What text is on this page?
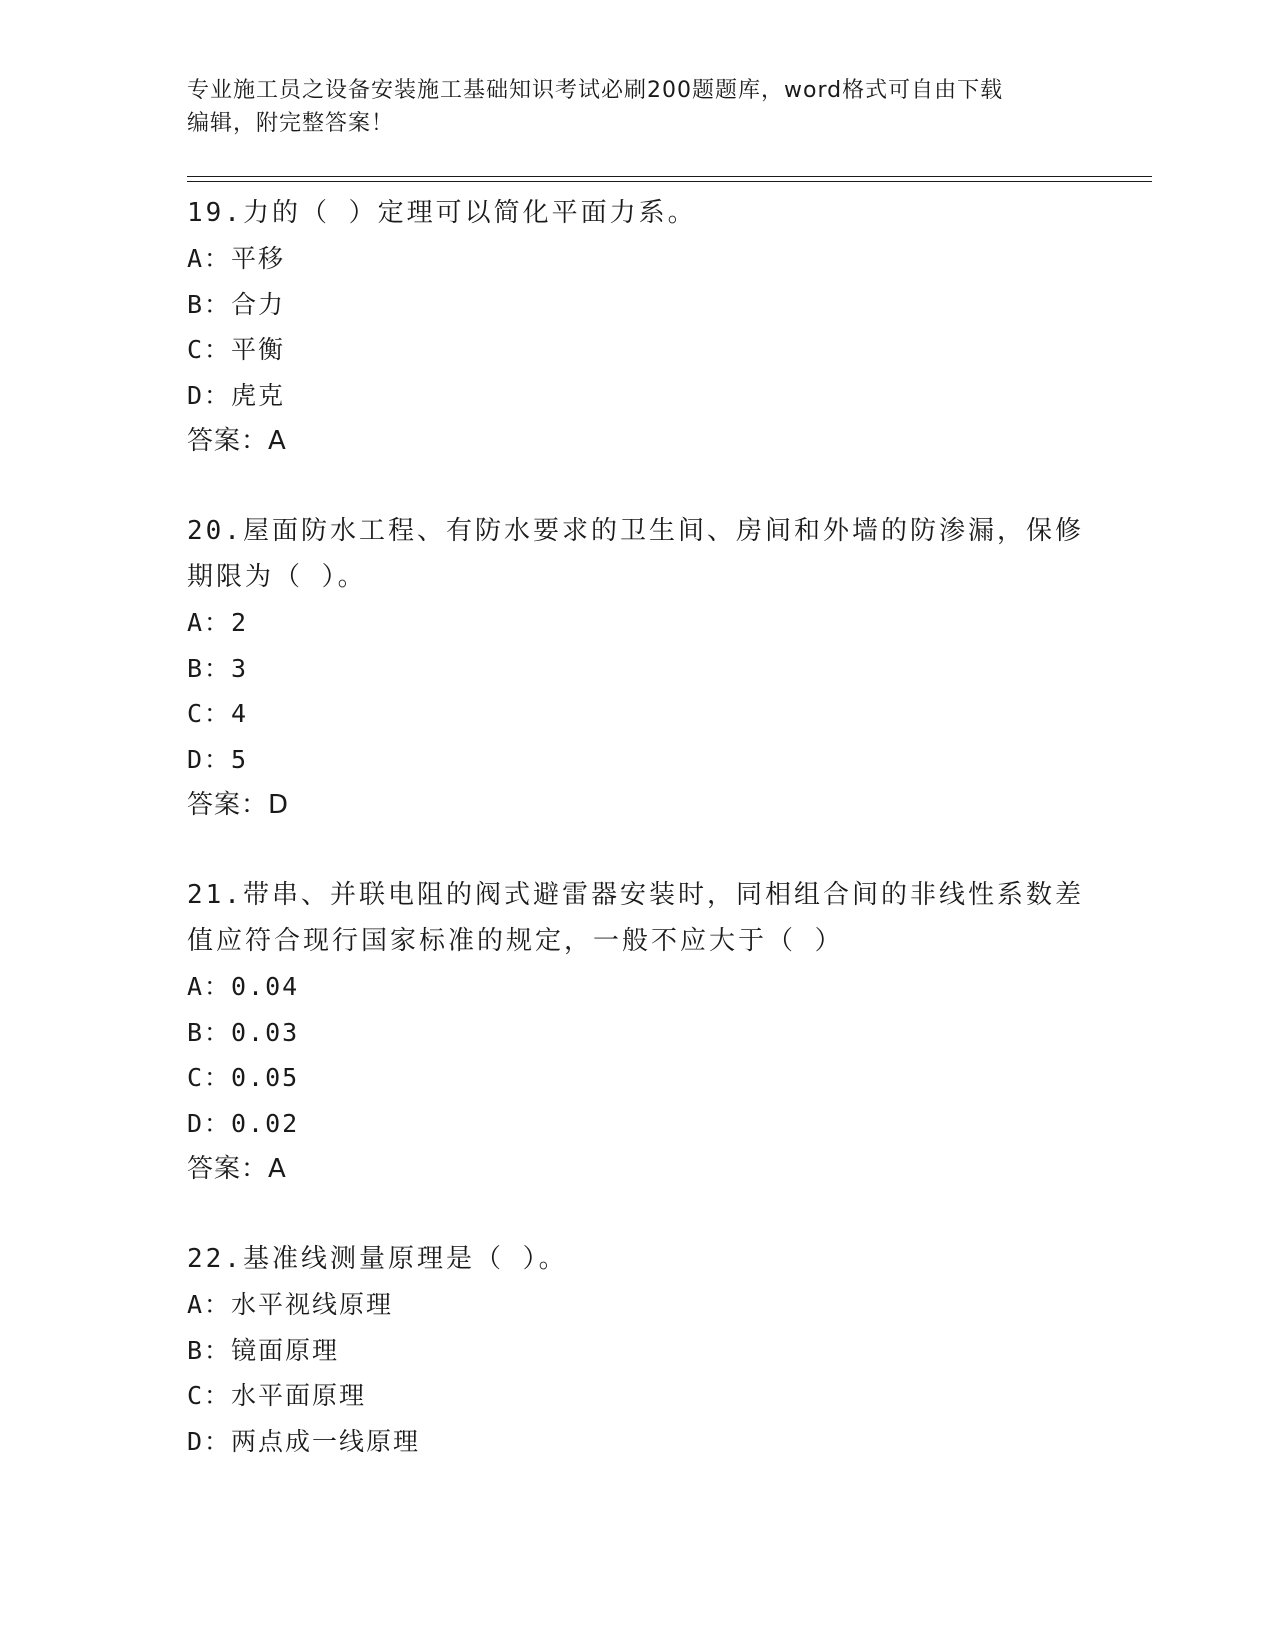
专业施工员之设备安装施工基础知识考试必刷200题题库，word格式可自由下载
编辑，附完整答案！
19.力的（ ）定理可以简化平面力系。
A：平移
B：合力
C：平衡
D：虎克
答案：A
20.屋面防水工程、有防水要求的卫生间、房间和外墙的防渗漏，保修
期限为（ ）。
A：2
B：3
C：4
D：5
答案：D
21.带串、并联电阻的阀式避雷器安装时，同相组合间的非线性系数差
值应符合现行国家标准的规定，一般不应大于（ ）
A：0.04
B：0.03
C：0.05
D：0.02
答案：A
22.基准线测量原理是（ ）。
A：水平视线原理
B：镜面原理
C：水平面原理
D：两点成一线原理
